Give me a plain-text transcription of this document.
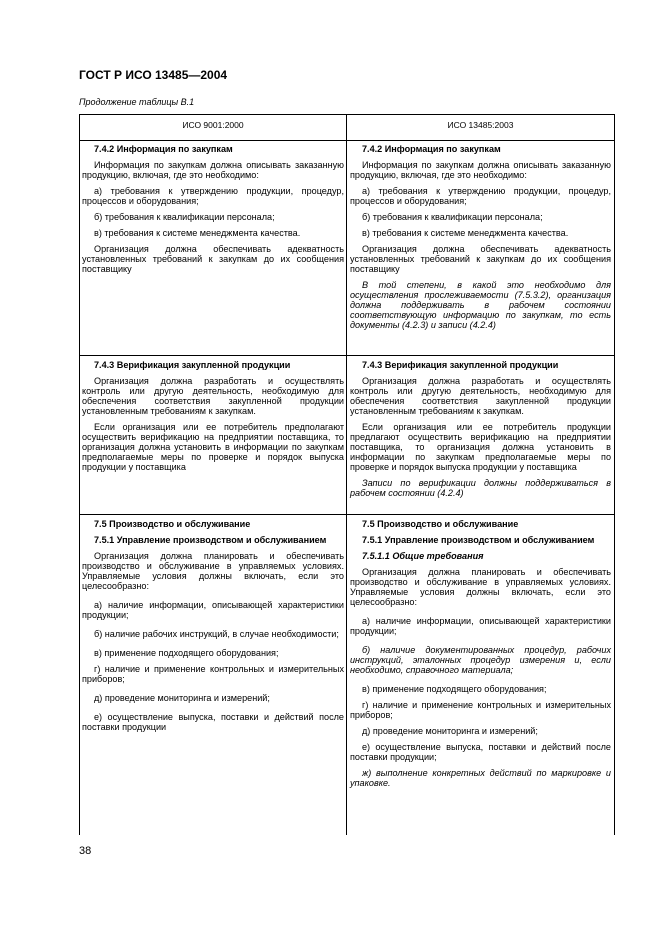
ГОСТ Р ИСО 13485—2004
Продолжение таблицы В.1
ИСО 9001:2000	ИСО 13485:2003

7.4.2 Информация по закупкам

Информация по закупкам должна описывать заказанную продукцию, включая, где это необходимо:

а) требования к утверждению продукции, процедур, процессов и оборудования;

б) требования к квалификации персонала;

в) требования к системе менеджмента качества.

Организация должна обеспечивать адекватность установленных требований к закупкам до их сообщения поставщику

7.4.2 Информация по закупкам

Информация по закупкам должна описывать заказанную продукцию, включая, где это необходимо:

а) требования к утверждению продукции, процедур, процессов и оборудования;

б) требования к квалификации персонала;

в) требования к системе менеджмента качества.

Организация должна обеспечивать адекватность установленных требований к закупкам до их сообщения поставщику

В той степени, в какой это необходимо для осуществления прослеживаемости (7.5.3.2), организация должна поддерживать в рабочем состоянии соответствующую информацию по закупкам, то есть документы (4.2.3) и записи (4.2.4)

7.4.3 Верификация закупленной продукции

Организация должна разработать и осуществлять контроль или другую деятельность, необходимую для обеспечения соответствия закупленной продукции установленным требованиям к закупкам.

Если организация или ее потребитель предполагают осуществить верификацию на предприятии поставщика, то организация должна установить в информации по закупкам предполагаемые меры по проверке и порядок выпуска продукции у поставщика

7.4.3 Верификация закупленной продукции

Организация должна разработать и осуществлять контроль или другую деятельность, необходимую для обеспечения соответствия закупленной продукции установленным требованиям к закупкам.

Если организация или ее потребитель продукции предлагают осуществить верификацию на предприятии поставщика, то организация должна установить в информации по закупкам предполагаемые меры по проверке и порядок выпуска продукции у поставщика

Записи по верификации должны поддерживаться в рабочем состоянии (4.2.4)

7.5 Производство и обслуживание

7.5.1 Управление производством и обслуживанием

Организация должна планировать и обеспечивать производство и обслуживание в управляемых условиях. Управляемые условия должны включать, если это целесообразно:

а) наличие информации, описывающей характеристики продукции;

б) наличие рабочих инструкций, в случае необходимости;

в) применение подходящего оборудования;

г) наличие и применение контрольных и измерительных приборов;

д) проведение мониторинга и измерений;

е) осуществление выпуска, поставки и действий после поставки продукции

7.5 Производство и обслуживание

7.5.1 Управление производством и обслуживанием

7.5.1.1 Общие требования

Организация должна планировать и обеспечивать производство и обслуживание в управляемых условиях. Управляемые условия должны включать, если это целесообразно:

а) наличие информации, описывающей характеристики продукции;

б) наличие документированных процедур, рабочих инструкций, эталонных процедур измерения и, если необходимо, справочного материала;

в) применение подходящего оборудования;

г) наличие и применение контрольных и измерительных приборов;

д) проведение мониторинга и измерений;

е) осуществление выпуска, поставки и действий после поставки продукции;

ж) выполнение конкретных действий по маркировке и упаковке.

38
